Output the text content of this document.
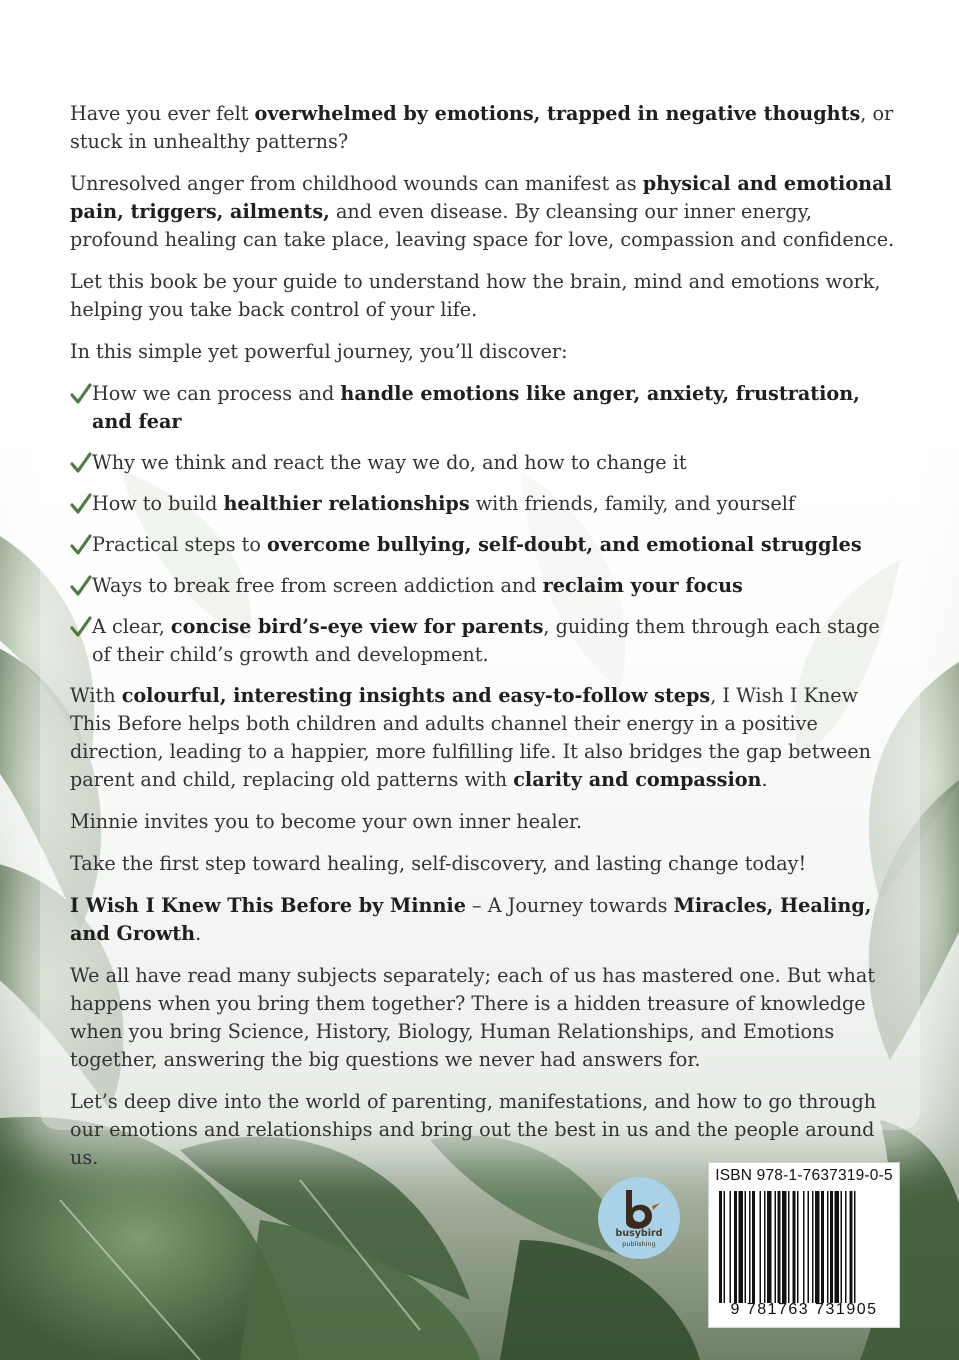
Have you ever felt overwhelmed by emotions, trapped in negative thoughts, or stuck in unhealthy patterns?

Unresolved anger from childhood wounds can manifest as physical and emotional pain, triggers, ailments, and even disease. By cleansing our inner energy, profound healing can take place, leaving space for love, compassion and confidence.

Let this book be your guide to understand how the brain, mind and emotions work, helping you take back control of your life.

In this simple yet powerful journey, you’ll discover:

How we can process and handle emotions like anger, anxiety, frustration, and fear
Why we think and react the way we do, and how to change it
How to build healthier relationships with friends, family, and yourself
Practical steps to overcome bullying, self-doubt, and emotional struggles
Ways to break free from screen addiction and reclaim your focus
A clear, concise bird’s-eye view for parents, guiding them through each stage of their child’s growth and development.

With colourful, interesting insights and easy-to-follow steps, I Wish I Knew This Before helps both children and adults channel their energy in a positive direction, leading to a happier, more fulfilling life. It also bridges the gap between parent and child, replacing old patterns with clarity and compassion.

Minnie invites you to become your own inner healer.

Take the first step toward healing, self-discovery, and lasting change today!

I Wish I Knew This Before by Minnie – A Journey towards Miracles, Healing, and Growth.

We all have read many subjects separately; each of us has mastered one. But what happens when you bring them together? There is a hidden treasure of knowledge when you bring Science, History, Biology, Human Relationships, and Emotions together, answering the big questions we never had answers for.

Let’s deep dive into the world of parenting, manifestations, and how to go through our emotions and relationships and bring out the best in us and the people around us.

busybird
publishing
ISBN 978-1-7637319-0-5
9 781763 731905
